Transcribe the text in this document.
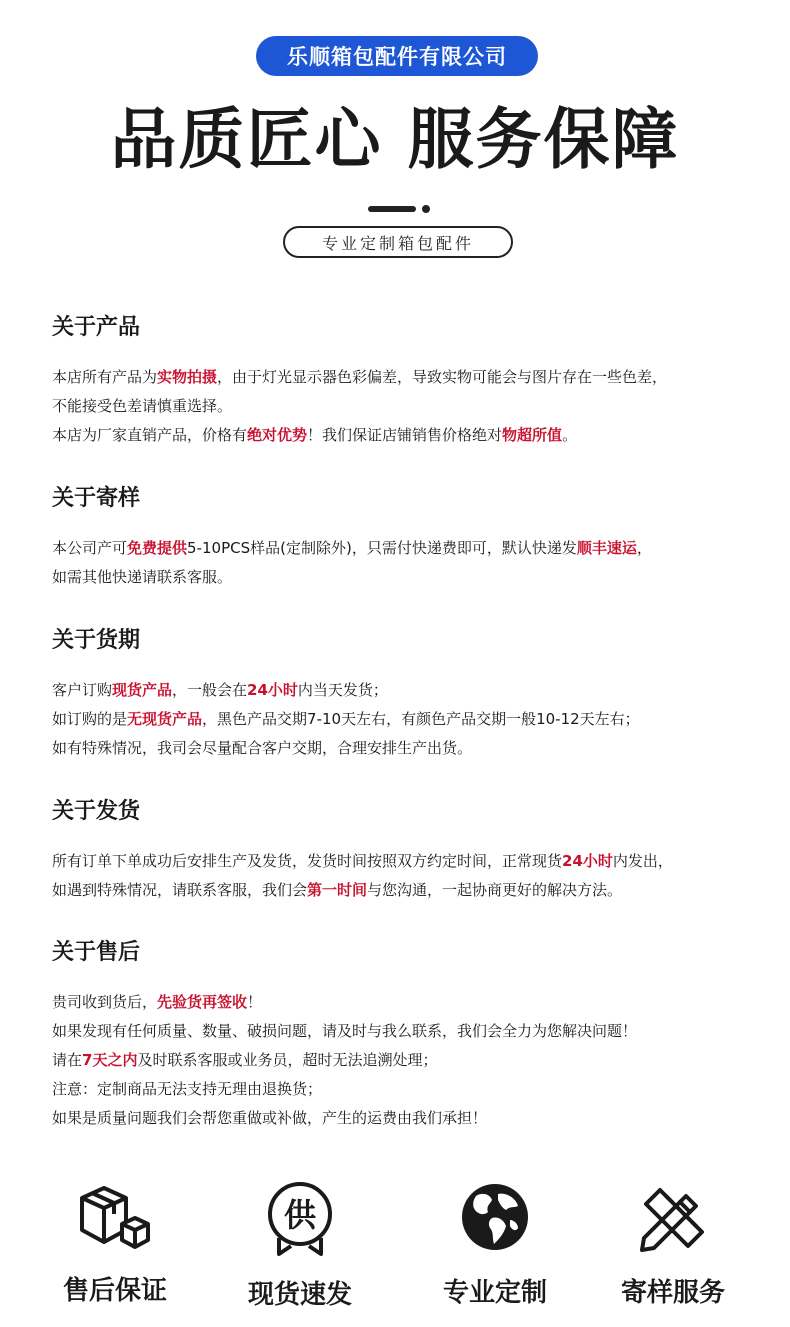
乐顺箱包配件有限公司
品质匠心 服务保障
专业定制箱包配件
关于产品

本店所有产品为实物拍摄，由于灯光显示器色彩偏差，导致实物可能会与图片存在一些色差，

不能接受色差请慎重选择。

本店为厂家直销产品，价格有绝对优势！我们保证店铺销售价格绝对物超所值。

关于寄样

本公司产可免费提供5-10PCS样品(定制除外)，只需付快递费即可，默认快递发顺丰速运，

如需其他快递请联系客服。

关于货期

客户订购现货产品，一般会在24小时内当天发货；

如订购的是无现货产品，黑色产品交期7-10天左右，有颜色产品交期一般10-12天左右；

如有特殊情况，我司会尽量配合客户交期，合理安排生产出货。

关于发货

所有订单下单成功后安排生产及发货，发货时间按照双方约定时间，正常现货24小时内发出，

如遇到特殊情况，请联系客服，我们会第一时间与您沟通，一起协商更好的解决方法。

关于售后

贵司收到货后，先验货再签收！

如果发现有任何质量、数量、破损问题，请及时与我么联系，我们会全力为您解决问题！

请在7天之内及时联系客服或业务员，超时无法追溯处理；

注意：定制商品无法支持无理由退换货；

如果是质量问题我们会帮您重做或补做，产生的运费由我们承担！

售后保证
供
现货速发	专业定制	寄样服务
